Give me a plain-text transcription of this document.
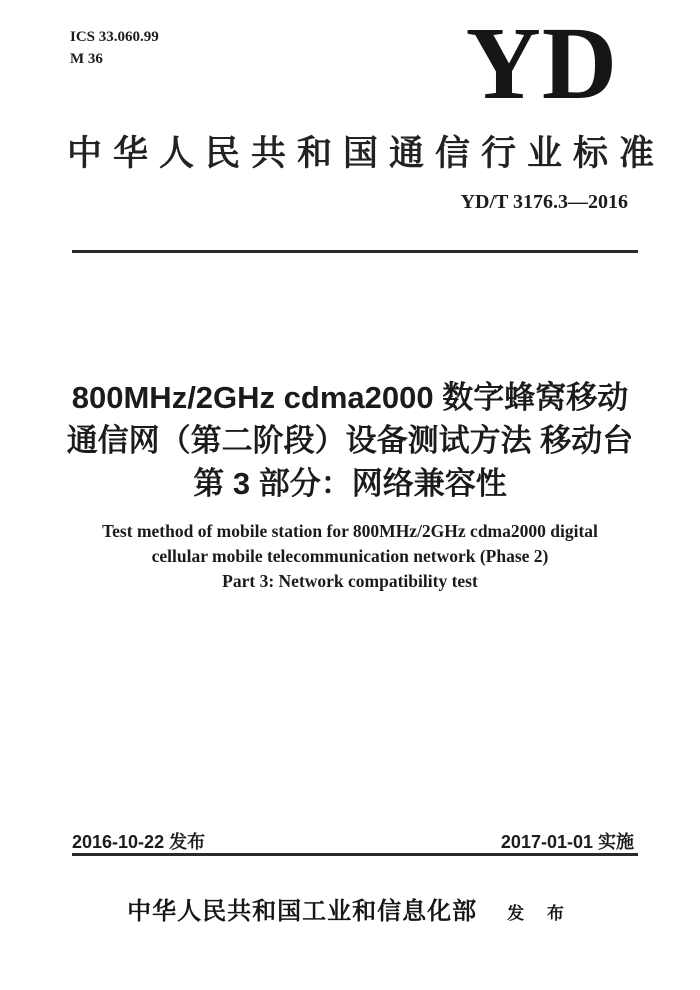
ICS 33.060.99
M 36	YD
中华人民共和国通信行业标准
YD/T 3176.3—2016
800MHz/2GHz cdma2000 数字蜂窝移动
通信网（第二阶段）设备测试方法 移动台
第 3 部分：网络兼容性
Test method of mobile station for 800MHz/2GHz cdma2000 digital
cellular mobile telecommunication network (Phase 2)
Part 3: Network compatibility test
2016-10-22 发布	2017-01-01 实施
中华人民共和国工业和信息化部 发 布
